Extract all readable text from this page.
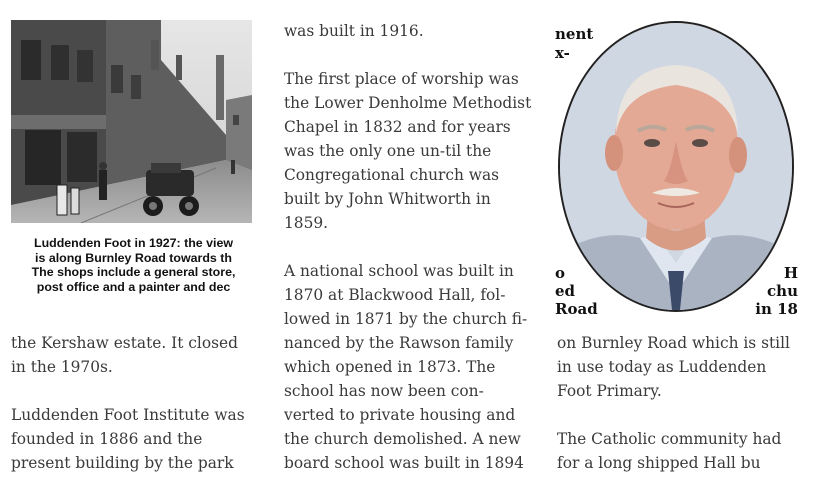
Luddenden Foot in 1927: the view
is along Burnley Road towards th
The shops include a general store,
post office and a painter and dec

the Kershaw estate. It closed in the 1970s.

Luddenden Foot Institute was founded in 1886 and the present building by the park

was built in 1916.

The first place of worship was the Lower Denholme Methodist Chapel in 1832 and for years was the only one un-til the Congregational church was built by John Whitworth in 1859.

A national school was built in 1870 at Blackwood Hall, fol-lowed in 1871 by the church fi-nanced by the Rawson family which opened in 1873. The school has now been con-verted to private housing and the church demolished. A new board school was built in 1894

nent
x-
o
ed
Road
H
chu
in 18

on Burnley Road which is still in use today as Luddenden Foot Primary.

The Catholic community had for a long shipped Hall bu
